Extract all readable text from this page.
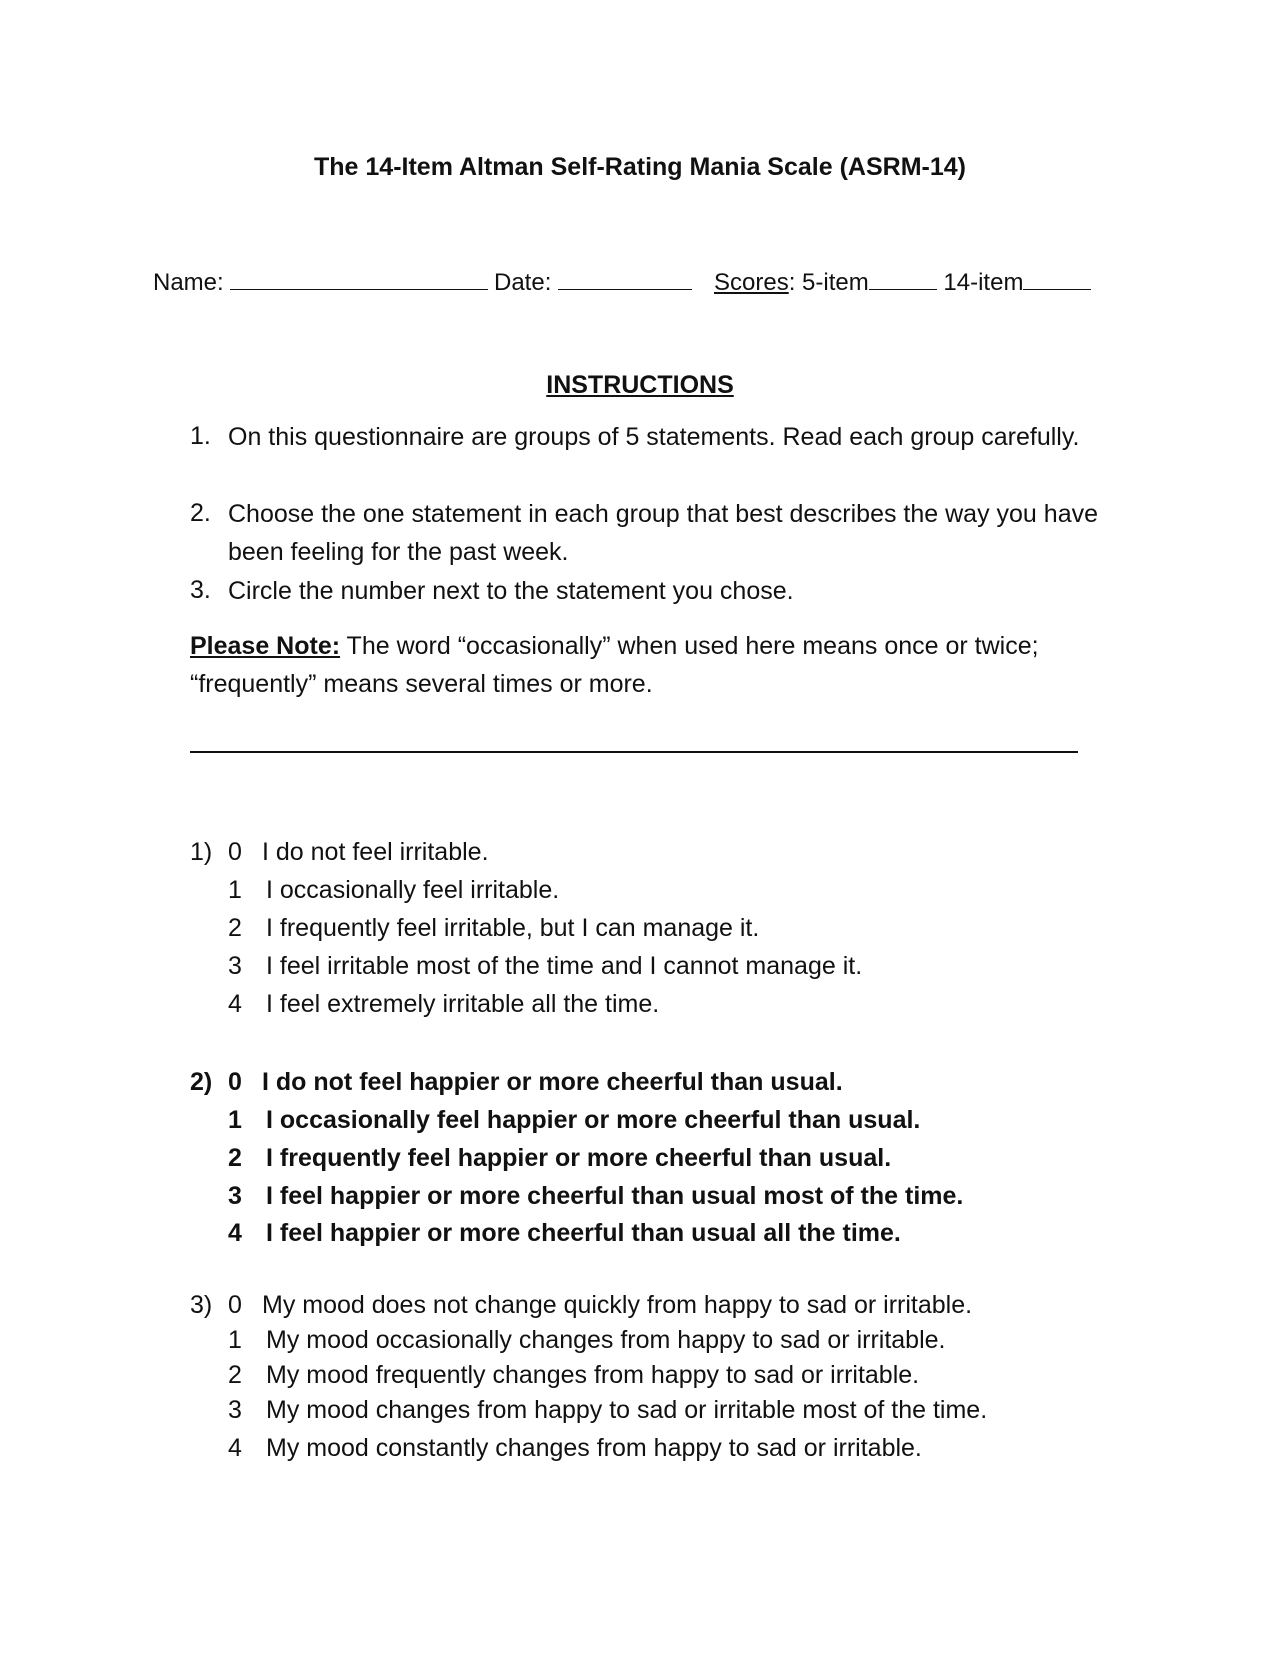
The 14-Item Altman Self-Rating Mania Scale (ASRM-14)
Name:	Date:	Scores: 5-item	14-item
INSTRUCTIONS
1. On this questionnaire are groups of 5 statements. Read each group carefully.
2. Choose the one statement in each group that best describes the way you have been feeling for the past week.
3. Circle the number next to the statement you chose.
Please Note: The word “occasionally” when used here means once or twice; “frequently” means several times or more.
1) 0 I do not feel irritable.
1 I occasionally feel irritable.
2 I frequently feel irritable, but I can manage it.
3 I feel irritable most of the time and I cannot manage it.
4 I feel extremely irritable all the time.
2) 0 I do not feel happier or more cheerful than usual.
1 I occasionally feel happier or more cheerful than usual.
2 I frequently feel happier or more cheerful than usual.
3 I feel happier or more cheerful than usual most of the time.
4 I feel happier or more cheerful than usual all the time.
3) 0 My mood does not change quickly from happy to sad or irritable.
1 My mood occasionally changes from happy to sad or irritable.
2 My mood frequently changes from happy to sad or irritable.
3 My mood changes from happy to sad or irritable most of the time.
4 My mood constantly changes from happy to sad or irritable.
